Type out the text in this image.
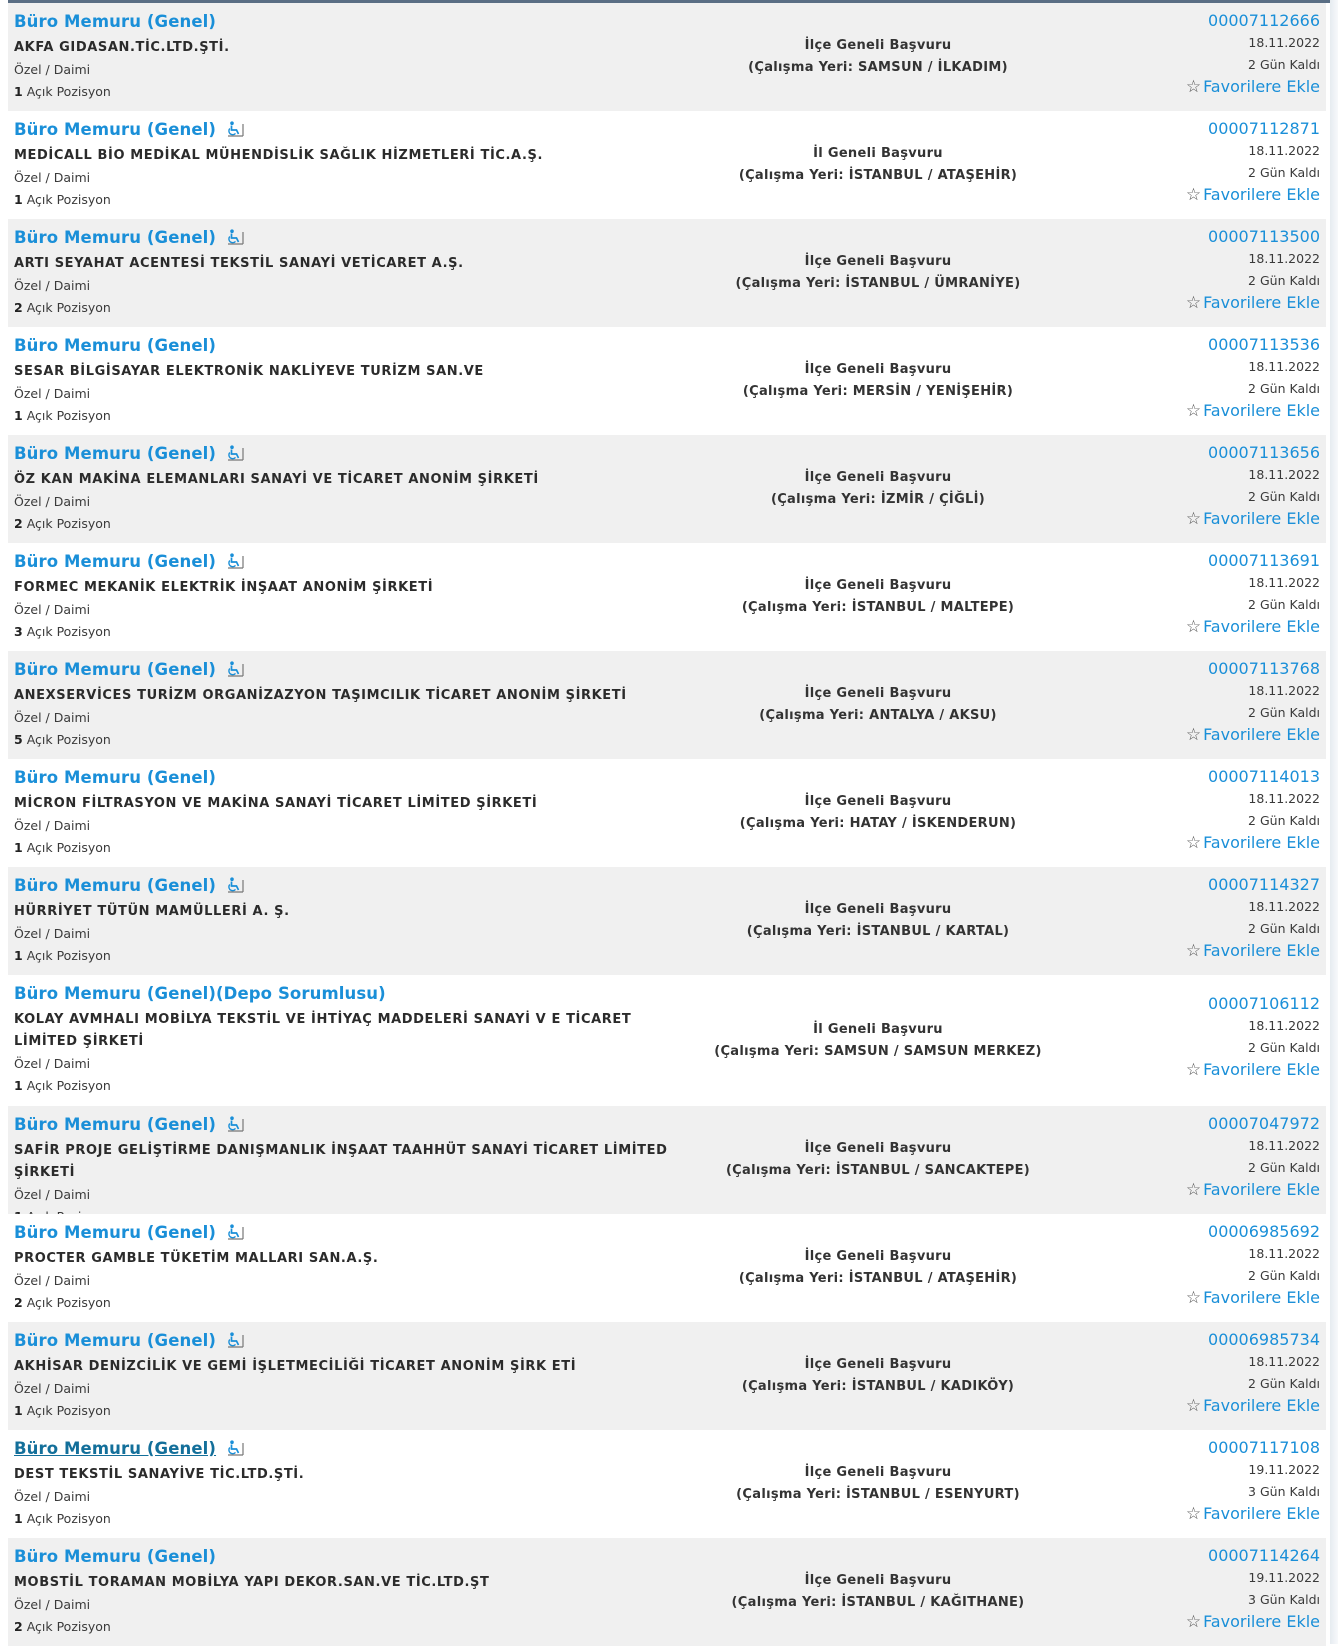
Büro Memuru (Genel)
AKFA GIDASAN.TİC.LTD.ŞTİ.
Özel / Daimi
1 Açık Pozisyon
İlçe Geneli Başvuru
(Çalışma Yeri: SAMSUN / İLKADIM)
00007112666
18.11.2022
2 Gün Kaldı
☆ Favorilere Ekle
Büro Memuru (Genel)
MEDİCALL BİO MEDİKAL MÜHENDİSLİK SAĞLIK HİZMETLERİ TİC.A.Ş.
Özel / Daimi
1 Açık Pozisyon
İl Geneli Başvuru
(Çalışma Yeri: İSTANBUL / ATAŞEHİR)
00007112871
18.11.2022
2 Gün Kaldı
☆ Favorilere Ekle
Büro Memuru (Genel)
ARTI SEYAHAT ACENTESİ TEKSTİL SANAYİ VETİCARET A.Ş.
Özel / Daimi
2 Açık Pozisyon
İlçe Geneli Başvuru
(Çalışma Yeri: İSTANBUL / ÜMRANİYE)
00007113500
18.11.2022
2 Gün Kaldı
☆ Favorilere Ekle
Büro Memuru (Genel)
SESAR BİLGİSAYAR ELEKTRONİK NAKLİYEVE TURİZM SAN.VE
Özel / Daimi
1 Açık Pozisyon
İlçe Geneli Başvuru
(Çalışma Yeri: MERSİN / YENİŞEHİR)
00007113536
18.11.2022
2 Gün Kaldı
☆ Favorilere Ekle
Büro Memuru (Genel)
ÖZ KAN MAKİNA ELEMANLARI SANAYİ VE TİCARET ANONİM ŞİRKETİ
Özel / Daimi
2 Açık Pozisyon
İlçe Geneli Başvuru
(Çalışma Yeri: İZMİR / ÇİĞLİ)
00007113656
18.11.2022
2 Gün Kaldı
☆ Favorilere Ekle
Büro Memuru (Genel)
FORMEC MEKANİK ELEKTRİK İNŞAAT ANONİM ŞİRKETİ
Özel / Daimi
3 Açık Pozisyon
İlçe Geneli Başvuru
(Çalışma Yeri: İSTANBUL / MALTEPE)
00007113691
18.11.2022
2 Gün Kaldı
☆ Favorilere Ekle
Büro Memuru (Genel)
ANEXSERVİCES TURİZM ORGANİZAZYON TAŞIMCILIK TİCARET ANONİM ŞİRKETİ
Özel / Daimi
5 Açık Pozisyon
İlçe Geneli Başvuru
(Çalışma Yeri: ANTALYA / AKSU)
00007113768
18.11.2022
2 Gün Kaldı
☆ Favorilere Ekle
Büro Memuru (Genel)
MİCRON FİLTRASYON VE MAKİNA SANAYİ TİCARET LİMİTED ŞİRKETİ
Özel / Daimi
1 Açık Pozisyon
İlçe Geneli Başvuru
(Çalışma Yeri: HATAY / İSKENDERUN)
00007114013
18.11.2022
2 Gün Kaldı
☆ Favorilere Ekle
Büro Memuru (Genel)
HÜRRİYET TÜTÜN MAMÜLLERİ A. Ş.
Özel / Daimi
1 Açık Pozisyon
İlçe Geneli Başvuru
(Çalışma Yeri: İSTANBUL / KARTAL)
00007114327
18.11.2022
2 Gün Kaldı
☆ Favorilere Ekle
Büro Memuru (Genel)(Depo Sorumlusu)
KOLAY AVMHALI MOBİLYA TEKSTİL VE İHTİYAÇ MADDELERİ SANAYİ V E TİCARET LİMİTED ŞİRKETİ
Özel / Daimi
1 Açık Pozisyon
İl Geneli Başvuru
(Çalışma Yeri: SAMSUN / SAMSUN MERKEZ)
00007106112
18.11.2022
2 Gün Kaldı
☆ Favorilere Ekle
Büro Memuru (Genel)
SAFİR PROJE GELİŞTİRME DANIŞMANLIK İNŞAAT TAAHHÜT SANAYİ TİCARET LİMİTED ŞİRKETİ
Özel / Daimi
İlçe Geneli Başvuru
(Çalışma Yeri: İSTANBUL / SANCAKTEPE)
00007047972
18.11.2022
2 Gün Kaldı
☆ Favorilere Ekle
Büro Memuru (Genel)
PROCTER GAMBLE TÜKETİM MALLARI SAN.A.Ş.
Özel / Daimi
2 Açık Pozisyon
İlçe Geneli Başvuru
(Çalışma Yeri: İSTANBUL / ATAŞEHİR)
00006985692
18.11.2022
2 Gün Kaldı
☆ Favorilere Ekle
Büro Memuru (Genel)
AKHİSAR DENİZCİLİK VE GEMİ İŞLETMECİLİĞİ TİCARET ANONİM ŞİRK ETİ
Özel / Daimi
1 Açık Pozisyon
İlçe Geneli Başvuru
(Çalışma Yeri: İSTANBUL / KADIKÖY)
00006985734
18.11.2022
2 Gün Kaldı
☆ Favorilere Ekle
Büro Memuru (Genel)
DEST TEKSTİL SANAYİVE TİC.LTD.ŞTİ.
Özel / Daimi
1 Açık Pozisyon
İlçe Geneli Başvuru
(Çalışma Yeri: İSTANBUL / ESENYURT)
00007117108
19.11.2022
3 Gün Kaldı
☆ Favorilere Ekle
Büro Memuru (Genel)
MOBSTİL TORAMAN MOBİLYA YAPI DEKOR.SAN.VE TİC.LTD.ŞT
Özel / Daimi
2 Açık Pozisyon
İlçe Geneli Başvuru
(Çalışma Yeri: İSTANBUL / KAĞITHANE)
00007114264
19.11.2022
3 Gün Kaldı
☆ Favorilere Ekle
